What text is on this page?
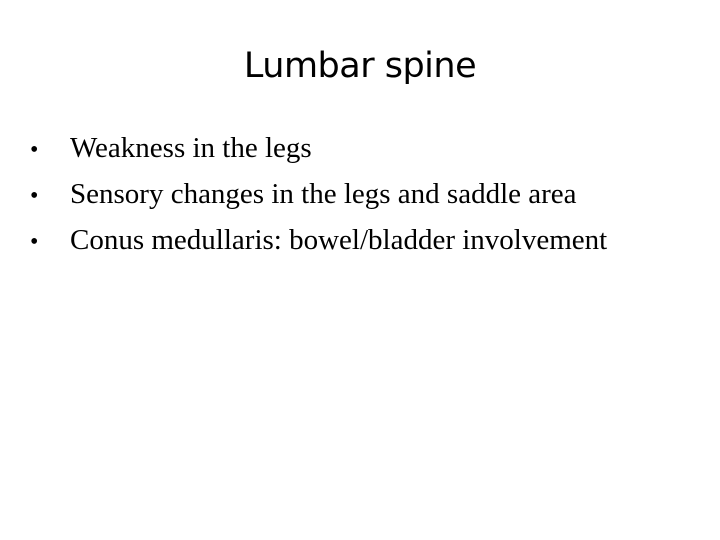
Lumbar spine
•	Weakness in the legs
•	Sensory changes in the legs and saddle area
•	Conus medullaris: bowel/bladder involvement
